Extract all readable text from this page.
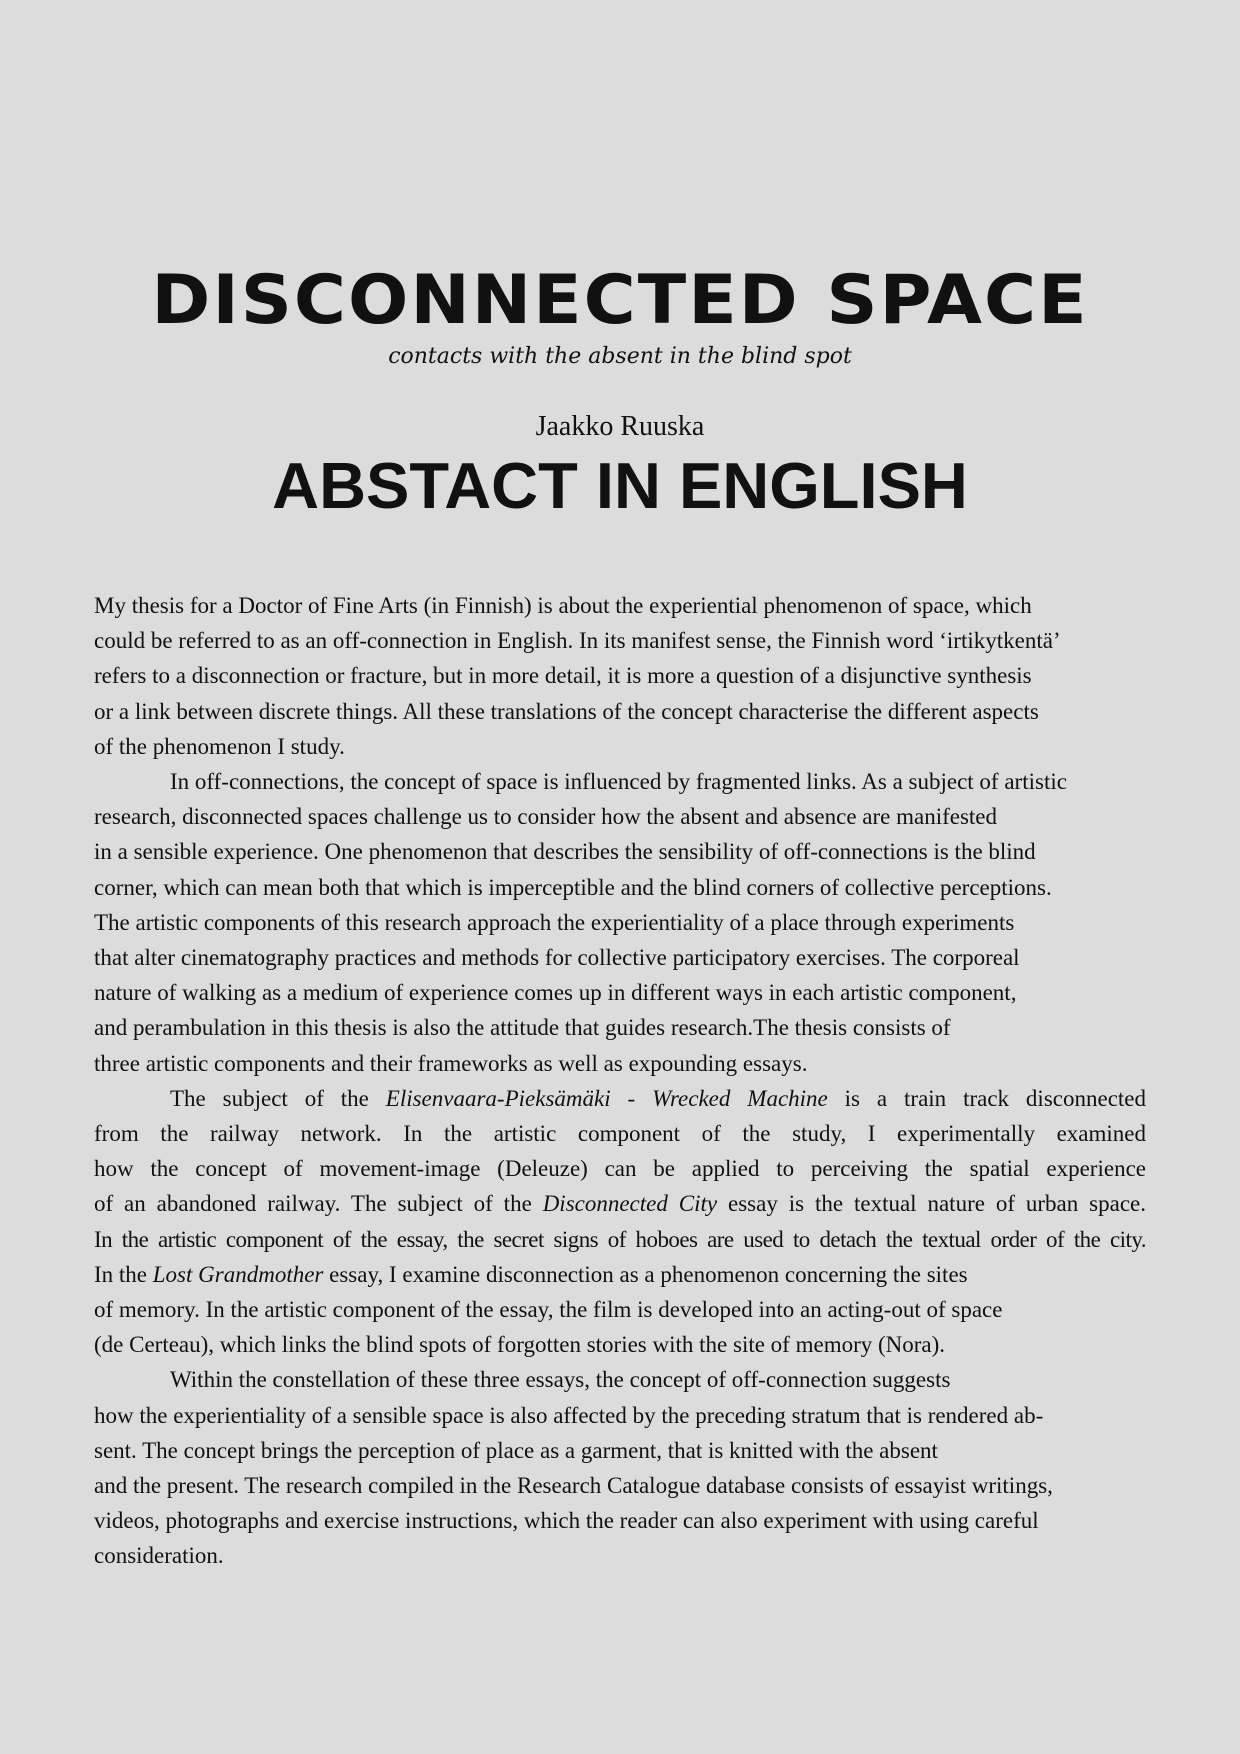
DISCONNECTED SPACE

contacts with the absent in the blind spot

Jaakko Ruuska

ABSTACT IN ENGLISH
My thesis for a Doctor of Fine Arts (in Finnish) is about the experiential phenomenon of space, which
could be referred to as an off-connection in English. In its manifest sense, the Finnish word ‘irtikytkentä’
refers to a disconnection or fracture, but in more detail, it is more a question of a disjunctive synthesis
or a link between discrete things. All these translations of the concept characterise the different aspects
of the phenomenon I study.
In off-connections, the concept of space is influenced by fragmented links. As a subject of artistic
research, disconnected spaces challenge us to consider how the absent and absence are manifested
in a sensible experience. One phenomenon that describes the sensibility of off-connections is the blind
corner, which can mean both that which is imperceptible and the blind corners of collective perceptions.
The artistic components of this research approach the experientiality of a place through experiments
that alter cinematography practices and methods for collective participatory exercises. The corporeal
nature of walking as a medium of experience comes up in different ways in each artistic component,
and perambulation in this thesis is also the attitude that guides research.The thesis consists of
three artistic components and their frameworks as well as expounding essays.
The subject of the Elisenvaara-Pieksämäki - Wrecked Machine is a train track disconnected
from the railway network. In the artistic component of the study, I experimentally examined
how the concept of movement-image (Deleuze) can be applied to perceiving the spatial experience
of an abandoned railway. The subject of the Disconnected City essay is the textual nature of urban space.
In the artistic component of the essay, the secret signs of hoboes are used to detach the textual order of the city.
In the Lost Grandmother essay, I examine disconnection as a phenomenon concerning the sites
of memory. In the artistic component of the essay, the film is developed into an acting-out of space
(de Certeau), which links the blind spots of forgotten stories with the site of memory (Nora).
Within the constellation of these three essays, the concept of off-connection suggests
how the experientiality of a sensible space is also affected by the preceding stratum that is rendered ab-
sent. The concept brings the perception of place as a garment, that is knitted with the absent
and the present. The research compiled in the Research Catalogue database consists of essayist writings,
videos, photographs and exercise instructions, which the reader can also experiment with using careful
consideration.
